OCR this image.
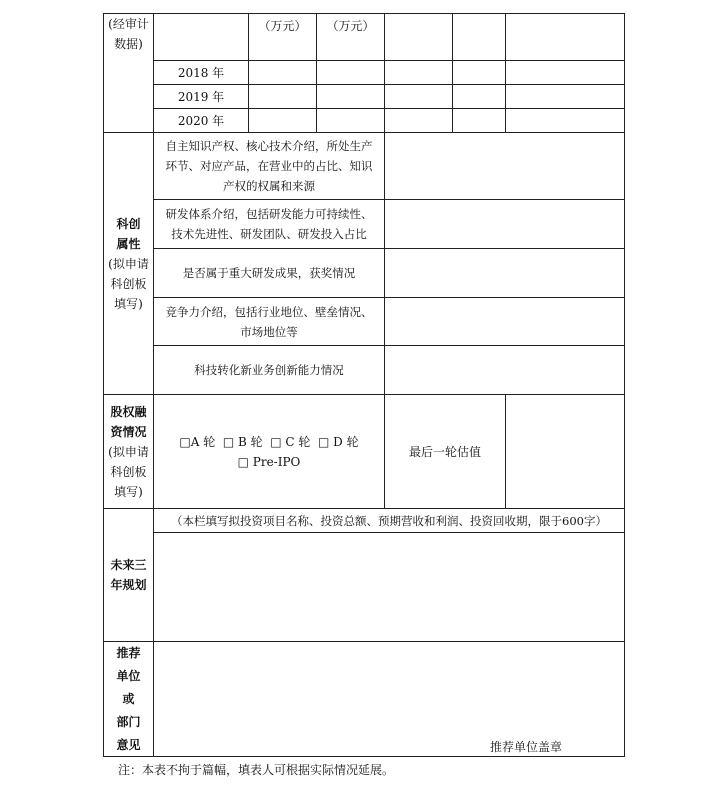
(经审计
数据)
（万元）	（万元）
2018 年
2019 年
2020 年
科创
属性
(拟申请
科创板
填写)
自主知识产权、核心技术介绍，所处生产
环节、对应产品，在营业中的占比、知识
产权的权属和来源
研发体系介绍，包括研发能力可持续性、
技术先进性、研发团队、研发投入占比
是否属于重大研发成果，获奖情况
竞争力介绍，包括行业地位、壁垒情况、
市场地位等
科技转化新业务创新能力情况
股权融
资情况
(拟申请
科创板
填写)
□A 轮  □ B 轮  □ C 轮  □ D 轮
□ Pre-IPO
最后一轮估值
未来三
年规划
（本栏填写拟投资项目名称、投资总额、预期营收和利润、投资回收期，限于600字）
推荐
单位
或
部门
意见	推荐单位盖章
注：本表不拘于篇幅，填表人可根据实际情况延展。
